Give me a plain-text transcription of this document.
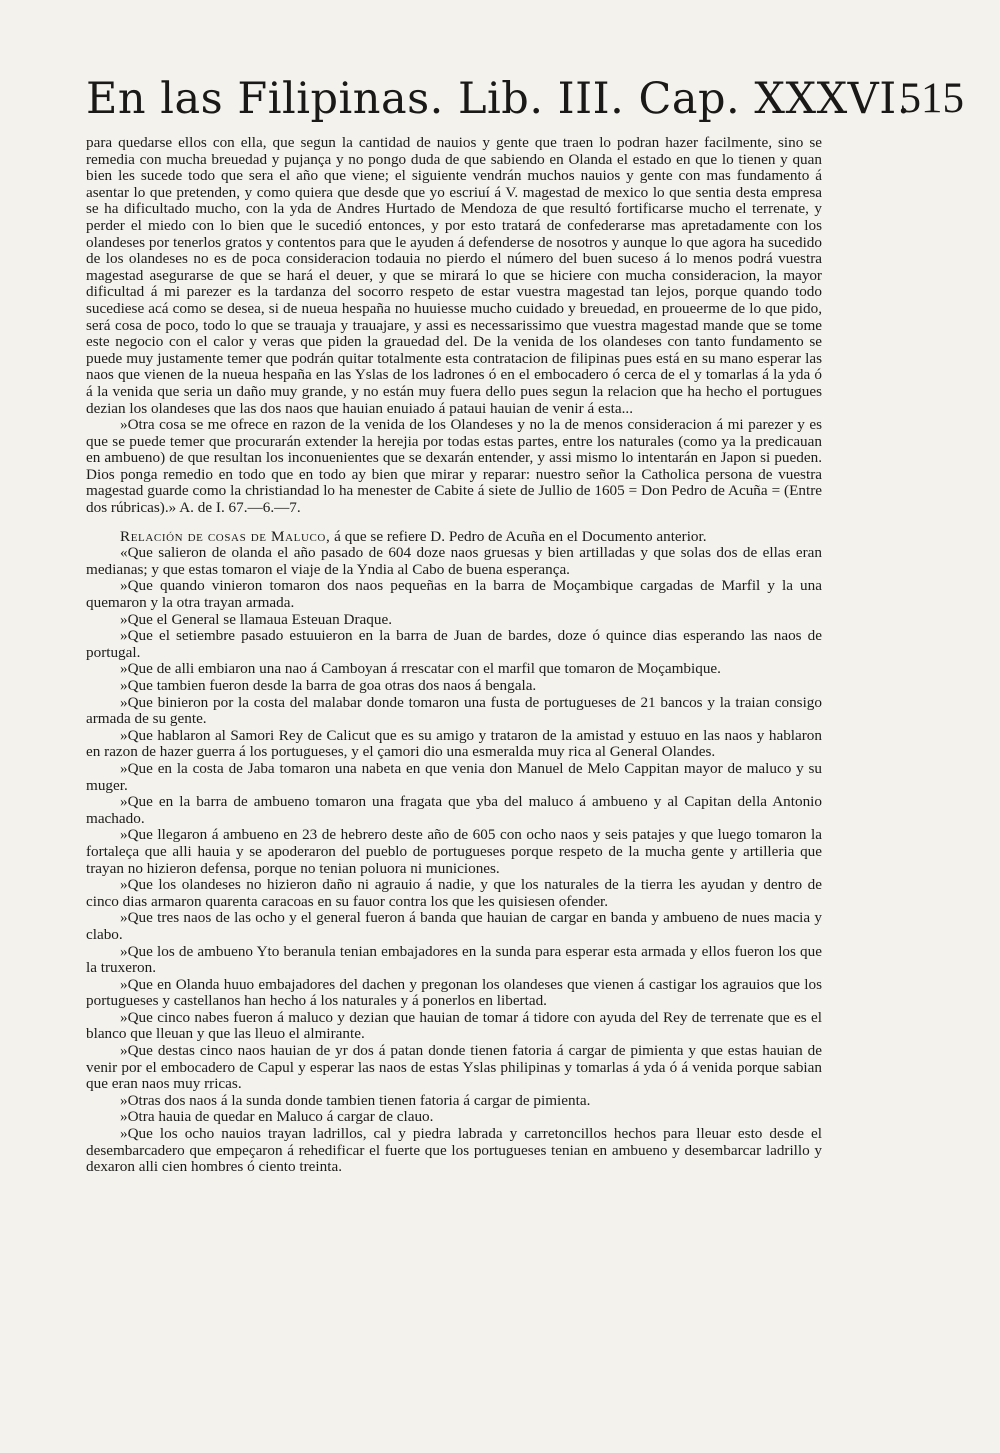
En las Filipinas. Lib. III. Cap. XXXVI.
515

para quedarse ellos con ella, que segun la cantidad de nauios y gente que traen lo podran hazer facilmente, sino se remedia con mucha breuedad y pujança y no pongo duda de que sabiendo en Olanda el estado en que lo tienen y quan bien les sucede todo que sera el año que viene; el siguiente vendrán muchos nauios y gente con mas fundamento á asentar lo que pretenden, y como quiera que desde que yo escriuí á V. magestad de mexico lo que sentia desta empresa se ha dificultado mucho, con la yda de Andres Hurtado de Mendoza de que resultó fortificarse mucho el terrenate, y perder el miedo con lo bien que le sucedió entonces, y por esto tratará de confederarse mas apretadamente con los olandeses por tenerlos gratos y contentos para que le ayuden á defenderse de nosotros y aunque lo que agora ha sucedido de los olandeses no es de poca consideracion todauia no pierdo el número del buen suceso á lo menos podrá vuestra magestad asegurarse de que se hará el deuer, y que se mirará lo que se hiciere con mucha consideracion, la mayor dificultad á mi parezer es la tardanza del socorro respeto de estar vuestra magestad tan lejos, porque quando todo sucediese acá como se desea, si de nueua hespaña no huuiesse mucho cuidado y breuedad, en proueerme de lo que pido, será cosa de poco, todo lo que se trauaja y trauajare, y assi es necessarissimo que vuestra magestad mande que se tome este negocio con el calor y veras que piden la grauedad del. De la venida de los olandeses con tanto fundamento se puede muy justamente temer que podrán quitar totalmente esta contratacion de filipinas pues está en su mano esperar las naos que vienen de la nueua hespaña en las Yslas de los ladrones ó en el embocadero ó cerca de el y tomarlas á la yda ó á la venida que seria un daño muy grande, y no están muy fuera dello pues segun la relacion que ha hecho el portugues dezian los olandeses que las dos naos que hauian enuiado á pataui hauian de venir á esta...

»Otra cosa se me ofrece en razon de la venida de los Olandeses y no la de menos consideracion á mi parezer y es que se puede temer que procurarán extender la herejia por todas estas partes, entre los naturales (como ya la predicauan en ambueno) de que resultan los inconuenientes que se dexarán entender, y assi mismo lo intentarán en Japon si pueden. Dios ponga remedio en todo que en todo ay bien que mirar y reparar: nuestro señor la Catholica persona de vuestra magestad guarde como la christiandad lo ha menester de Cabite á siete de Jullio de 1605 = Don Pedro de Acuña = (Entre dos rúbricas).» A. de I. 67.—6.—7.

Relación de cosas de Maluco, á que se refiere D. Pedro de Acuña en el Documento anterior.

«Que salieron de olanda el año pasado de 604 doze naos gruesas y bien artilladas y que solas dos de ellas eran medianas; y que estas tomaron el viaje de la Yndia al Cabo de buena esperança.

»Que quando vinieron tomaron dos naos pequeñas en la barra de Moçambique cargadas de Marfil y la una quemaron y la otra trayan armada.

»Que el General se llamaua Esteuan Draque.

»Que el setiembre pasado estuuieron en la barra de Juan de bardes, doze ó quince dias esperando las naos de portugal.

»Que de alli embiaron una nao á Camboyan á rrescatar con el marfil que tomaron de Moçambique.

»Que tambien fueron desde la barra de goa otras dos naos á bengala.

»Que binieron por la costa del malabar donde tomaron una fusta de portugueses de 21 bancos y la traian consigo armada de su gente.

»Que hablaron al Samori Rey de Calicut que es su amigo y trataron de la amistad y estuuo en las naos y hablaron en razon de hazer guerra á los portugueses, y el çamori dio una esmeralda muy rica al General Olandes.

»Que en la costa de Jaba tomaron una nabeta en que venia don Manuel de Melo Cappitan mayor de maluco y su muger.

»Que en la barra de ambueno tomaron una fragata que yba del maluco á ambueno y al Capitan della Antonio machado.

»Que llegaron á ambueno en 23 de hebrero deste año de 605 con ocho naos y seis patajes y que luego tomaron la fortaleça que alli hauia y se apoderaron del pueblo de portugueses porque respeto de la mucha gente y artilleria que trayan no hizieron defensa, porque no tenian poluora ni municiones.

»Que los olandeses no hizieron daño ni agrauio á nadie, y que los naturales de la tierra les ayudan y dentro de cinco dias armaron quarenta caracoas en su fauor contra los que les quisiesen ofender.

»Que tres naos de las ocho y el general fueron á banda que hauian de cargar en banda y ambueno de nues macia y clabo.

»Que los de ambueno Yto beranula tenian embajadores en la sunda para esperar esta armada y ellos fueron los que la truxeron.

»Que en Olanda huuo embajadores del dachen y pregonan los olandeses que vienen á castigar los agrauios que los portugueses y castellanos han hecho á los naturales y á ponerlos en libertad.

»Que cinco nabes fueron á maluco y dezian que hauian de tomar á tidore con ayuda del Rey de terrenate que es el blanco que lleuan y que las lleuo el almirante.

»Que destas cinco naos hauian de yr dos á patan donde tienen fatoria á cargar de pimienta y que estas hauian de venir por el embocadero de Capul y esperar las naos de estas Yslas philipinas y tomarlas á yda ó á venida porque sabian que eran naos muy rricas.

»Otras dos naos á la sunda donde tambien tienen fatoria á cargar de pimienta.

»Otra hauia de quedar en Maluco á cargar de clauo.

»Que los ocho nauios trayan ladrillos, cal y piedra labrada y carretoncillos hechos para lleuar esto desde el desembarcadero que empeçaron á rehedificar el fuerte que los portugueses tenian en ambueno y desembarcar ladrillo y dexaron alli cien hombres ó ciento treinta.
